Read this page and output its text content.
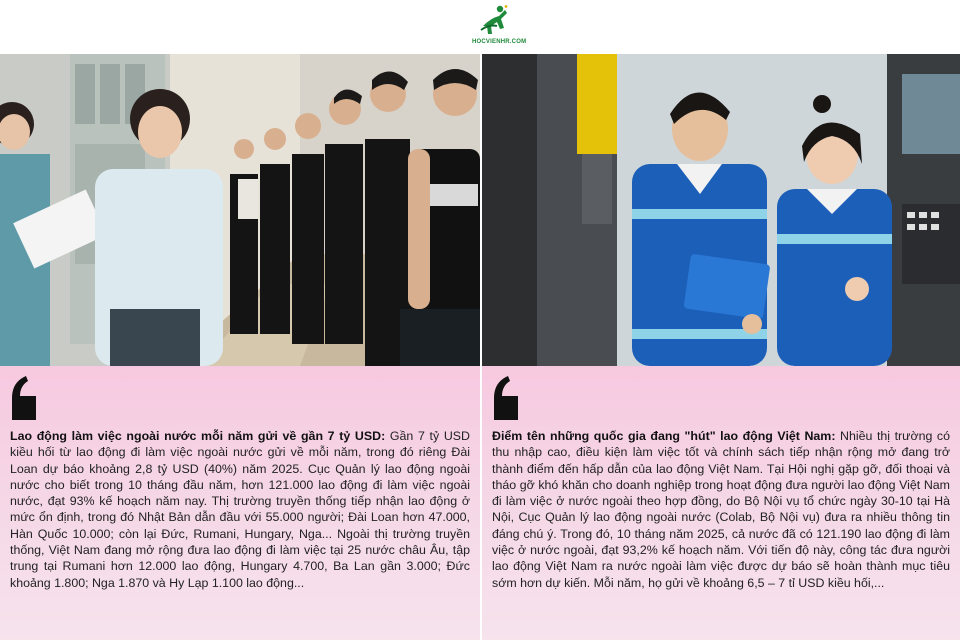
HOCVIENHR.COM
Lao động làm việc ngoài nước mỗi năm gửi về gần 7 tỷ USD: Gần 7 tỷ USD kiều hối từ lao động đi làm việc ngoài nước gửi về mỗi năm, trong đó riêng Đài Loan dự báo khoảng 2,8 tỷ USD (40%) năm 2025. Cục Quản lý lao động ngoài nước cho biết trong 10 tháng đầu năm, hơn 121.000 lao động đi làm việc ngoài nước, đạt 93% kế hoạch năm nay. Thị trường truyền thống tiếp nhận lao động ở mức ổn định, trong đó Nhật Bản dẫn đầu với 55.000 người; Đài Loan hơn 47.000, Hàn Quốc 10.000; còn lại Đức, Rumani, Hungary, Nga... Ngoài thị trường truyền thống, Việt Nam đang mở rộng đưa lao động đi làm việc tại 25 nước châu Âu, tập trung tại Rumani hơn 12.000 lao động, Hungary 4.700, Ba Lan gần 3.000; Đức khoảng 1.800; Nga 1.870 và Hy Lạp 1.100 lao động...
Điểm tên những quốc gia đang "hút" lao động Việt Nam: Nhiều thị trường có thu nhập cao, điều kiện làm việc tốt và chính sách tiếp nhận rộng mở đang trở thành điểm đến hấp dẫn của lao động Việt Nam. Tại Hội nghị gặp gỡ, đối thoại và tháo gỡ khó khăn cho doanh nghiệp trong hoạt động đưa người lao động Việt Nam đi làm việc ở nước ngoài theo hợp đồng, do Bộ Nội vụ tổ chức ngày 30-10 tại Hà Nội, Cục Quản lý lao động ngoài nước (Colab, Bộ Nội vụ) đưa ra nhiều thông tin đáng chú ý. Trong đó, 10 tháng năm 2025, cả nước đã có 121.190 lao động đi làm việc ở nước ngoài, đạt 93,2% kế hoạch năm. Với tiến độ này, công tác đưa người lao động Việt Nam ra nước ngoài làm việc được dự báo sẽ hoàn thành mục tiêu sớm hơn dự kiến. Mỗi năm, họ gửi về khoảng 6,5 – 7 tỉ USD kiều hối,...
